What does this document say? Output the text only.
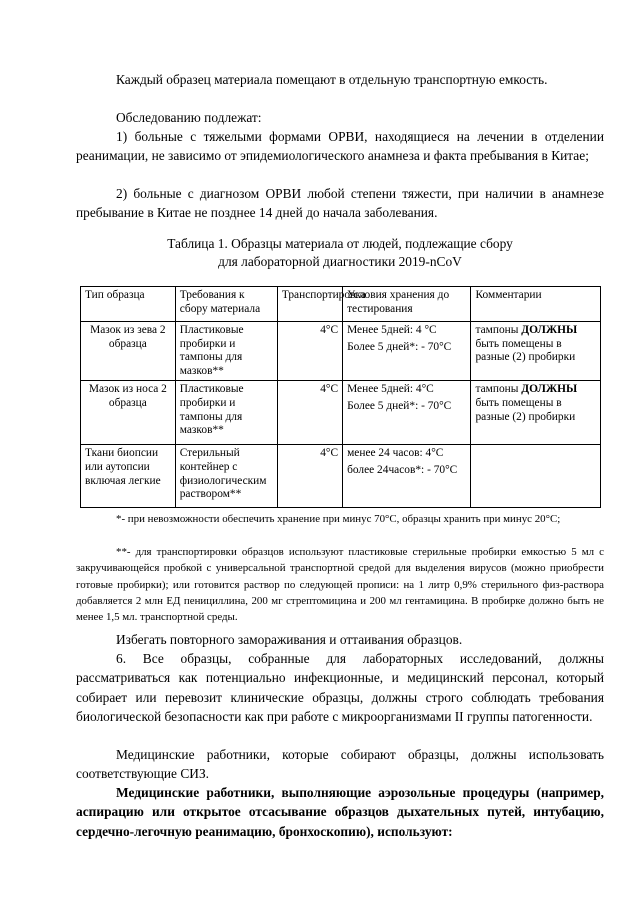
Каждый образец материала помещают в отдельную транспортную емкость.

Обследованию подлежат:

1) больные с тяжелыми формами ОРВИ, находящиеся на лечении в отделении реанимации, не зависимо от эпидемиологического анамнеза и факта пребывания в Китае;

2) больные с диагнозом ОРВИ любой степени тяжести, при наличии в анамнезе пребывание в Китае не позднее 14 дней до начала заболевания.

Таблица 1. Образцы материала от людей, подлежащие сбору
для лабораторной диагностики 2019-nCoV
Тип образца	Требования к сбору материала	Транспортировка	Условия хранения до тестирования	Комментарии
Мазок из зева 2 образца	Пластиковые пробирки и тампоны для мазков**	4°С	Менее 5дней: 4 °С
Более 5 дней*: - 70°С	тампоны ДОЛЖНЫ быть помещены в разные (2) пробирки
Мазок из носа 2 образца	Пластиковые пробирки и тампоны для мазков**	4°С	Менее 5дней: 4°С
Более 5 дней*: - 70°С	тампоны ДОЛЖНЫ быть помещены в разные (2) пробирки
Ткани биопсии или аутопсии включая легкие	Стерильный контейнер с физиологическим раствором**	4°С	менее 24 часов: 4°С
более 24часов*: - 70°С	

*- при невозможности обеспечить хранение при минус 70°С, образцы хранить при минус 20°С;

**- для транспортировки образцов используют пластиковые стерильные пробирки емкостью 5 мл с закручивающейся пробкой с универсальной транспортной средой для выделения вирусов (можно приобрести готовые пробирки); или готовится раствор по следующей прописи: на 1 литр 0,9% стерильного физ-раствора добавляется 2 млн ЕД пенициллина, 200 мг стрептомицина и 200 мл гентамицина. В пробирке должно быть не менее 1,5 мл. транспортной среды.

Избегать повторного замораживания и оттаивания образцов.

6. Все образцы, собранные для лабораторных исследований, должны рассматриваться как потенциально инфекционные, и медицинский персонал, который собирает или перевозит клинические образцы, должны строго соблюдать требования биологической безопасности как при работе с микроорганизмами II группы патогенности.

Медицинские работники, которые собирают образцы, должны использовать соответствующие СИЗ.

Медицинские работники, выполняющие аэрозольные процедуры (например, аспирацию или открытое отсасывание образцов дыхательных путей, интубацию, сердечно-легочную реанимацию, бронхоскопию), используют:
